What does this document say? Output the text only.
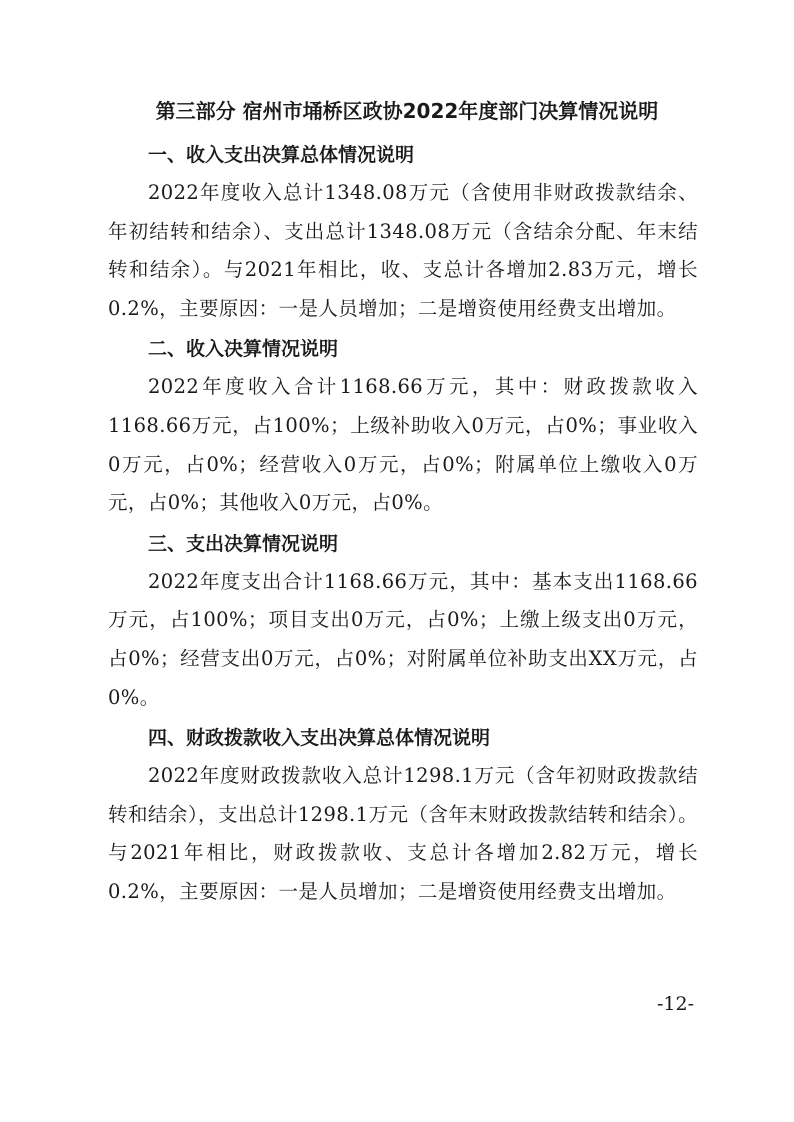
第三部分 宿州市埇桥区政协2022年度部门决算情况说明
一、收入支出决算总体情况说明

2022年度收入总计1348.08万元（含使用非财政拨款结余、年初结转和结余）、支出总计1348.08万元（含结余分配、年末结转和结余）。与2021年相比，收、支总计各增加2.83万元，增长0.2%，主要原因：一是人员增加；二是增资使用经费支出增加。

二、收入决算情况说明

2022年度收入合计1168.66万元，其中：财政拨款收入1168.66万元，占100%；上级补助收入0万元，占0%；事业收入0万元，占0%；经营收入0万元，占0%；附属单位上缴收入0万元，占0%；其他收入0万元，占0%。

三、支出决算情况说明

2022年度支出合计1168.66万元，其中：基本支出1168.66万元，占100%；项目支出0万元，占0%；上缴上级支出0万元，占0%；经营支出0万元，占0%；对附属单位补助支出XX万元，占0%。

四、财政拨款收入支出决算总体情况说明

2022年度财政拨款收入总计1298.1万元（含年初财政拨款结转和结余），支出总计1298.1万元（含年末财政拨款结转和结余）。与2021年相比，财政拨款收、支总计各增加2.82万元，增长0.2%，主要原因：一是人员增加；二是增资使用经费支出增加。

-12-
